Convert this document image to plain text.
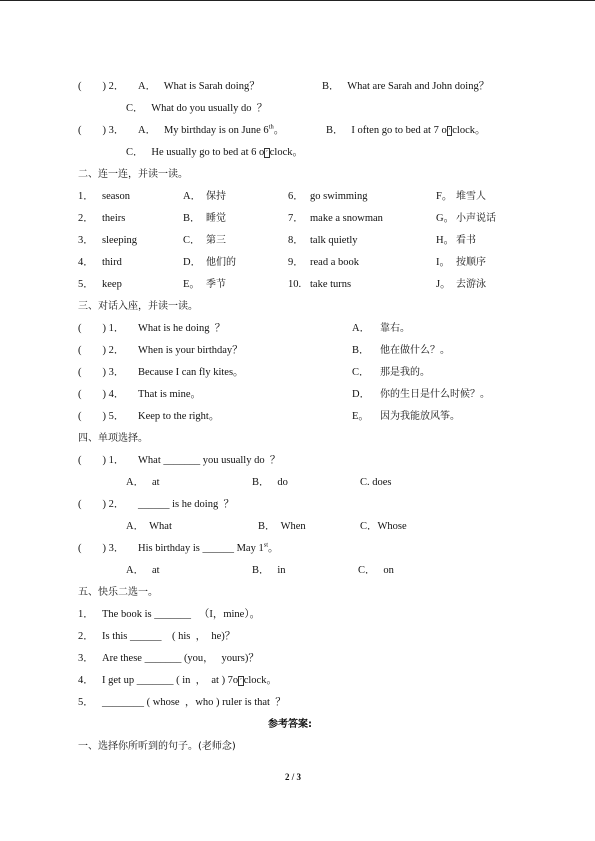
(        ) 2． A．   What is Sarah doing？	B．   What are Sarah and John doing？
C．   What do you usually do  ？
(        ) 3． A．   My birthday is on June 6th。	B．   I often go to bed at 7 o ′ clock。
C．   He usually go to bed at 6 o ′ clock。
二、连一连，并读一读。
1． season	A． 保持	6． go swimming	F。 堆雪人
2． theirs	B． 睡觉	7． make a snowman	G。 小声说话
3． sleeping	C． 第三	8． talk quietly	H。 看书
4． third	D． 他们的	9． read a book	I。 按顺序
5． keep	E。 季节	10. take turns	J。 去游泳
三、对话入座，并读一读。
(        ) 1． What is he doing  ？	A． 靠右。
(        ) 2． When is your birthday？	B． 他在做什么？。
(        ) 3． Because I can fly kites。	C． 那是我的。
(        ) 4． That is mine。	D． 你的生日是什么时候？。
(        ) 5． Keep to the right。	E。 因为我能放风筝。
四、单项选择。
(        ) 1． What _______ you usually do  ？
A．   at	B．   do	C. does
(        ) 2． ______ is he doing  ？
A．  What	B．  When	C．Whose
(        ) 3． His birthday is ______ May 1st。
A．   at	B．   in	C．   on
五、快乐二选一。
1． The book is _______   （I，mine）。
2． Is this ______    ( his  ，  he)？
3． Are these _______ (you，   yours)？
4． I get up _______ ( in  ，  at ) 7o ′ clock。
5． ________ ( whose  ，who ) ruler is that  ？
参考答案:
一、选择你所听到的句子。(老师念)
2 / 3
